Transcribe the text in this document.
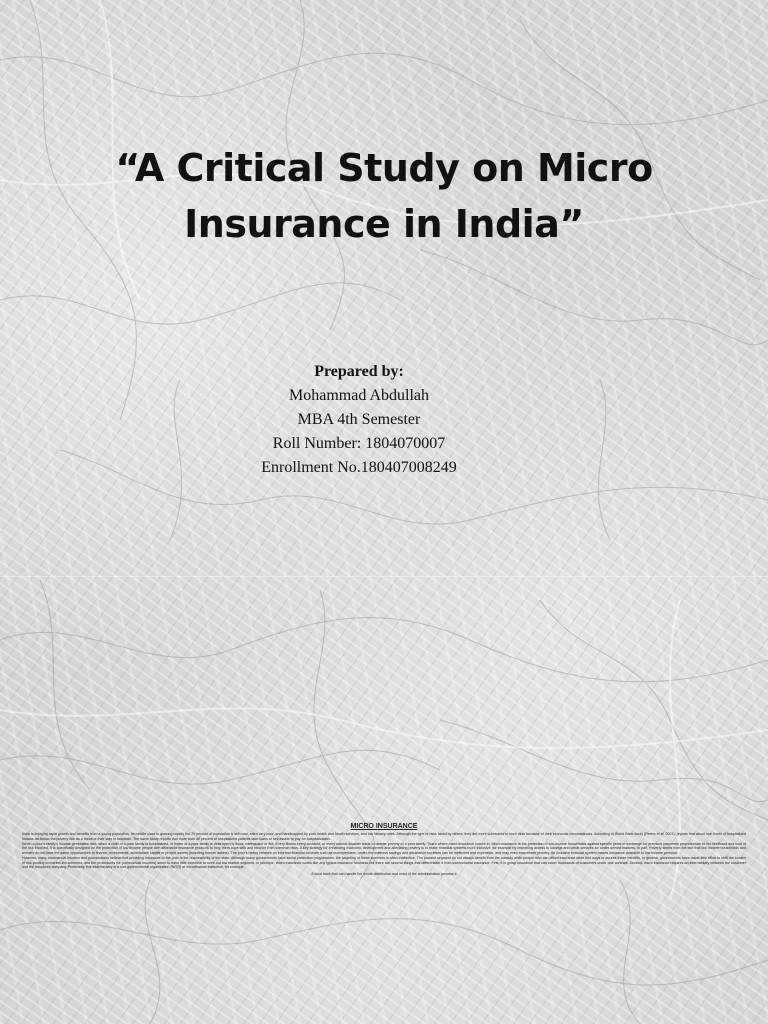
“A Critical Study on Micro
Insurance in India”
Prepared by:
Mohammad Abdullah
MBA 4th Semester
Roll Number: 1804070007
Enrollment No.180407008249
MICRO INSURANCE

India is enjoying rapid growth and benefits from a young population. Its middle class is growing rapidly but 70 percent of population is still rural, often very poor, and handicapped by poor health and health services, and low literacy rates. Although the type of risks faced by others, they are more vulnerable to such risks because of their economic circumstances. According to World Bank study (Peters et al. 2001), reports that about one fourth of hospitalized Indians fall below the poverty line as a result of their stay in hospitals. The same study reports that more than 40 percent of hospitalized patients take loans or sell assets to pay for hospitalization.

When a poor's family's income generation dies, when a child of a poor family is hospitalized, or home of a poor family is destroyed by flood, earthquake or fire. Every illness every accident, or every natural disaster leads to deeper poverty to a poor family. That's where micro insurance comes in. Micro insurance is the protection of low-income households against specific perils in exchange for premium payments proportionate to the likelihood and cost of the risk involved. It is specifically designed for the protection of low income people with affordable insurance products to help them cope with and recover from common risks. A key strategy for enhancing economic development and alleviating poverty is to make financial systems more inclusive, for example by improving access to savings and credit services for under-served markets. In part, Poverty stems from the fact that low income households and women do not have the same opportunities to finance, investments, accumulate capital or protect assets (including human assets). The poor's heavy reliance on informal financial services such as moneylenders, under-the mattress savings and assistance societies can be inefficient and expensive, and may even exacerbate poverty. An inclusive financial system makes insurance available to low income persons.

However, many commercial insurers and policymakers believe that providing insurance to the poor is the responsibility of the state. Although many governments have social protection programmes, the targeting of these schemes is often ineffective. The poorest segment do not always benefit from the subsidy while people who can afford insurance often find ways to access these benefits. In general, governments have made little effort to shift the burden of risk pooling to market-led schemes, and the procedures for (commercial insurers) seem to have little incentive to seek out low market segment. In principle, micro insurance works like any typical insurance business but there are several things that differentiate it from conventional insurance. First, it is group insurance that can cover thousands of customers under one contract. Second, micro insurance requires an intermediary between the customer and the insurance company. Preferably, this intermediary is a non-governmental organization (NGO) or microfinance institution, for example.

A local bank that can handle the whole distribution and most of the administration process e
